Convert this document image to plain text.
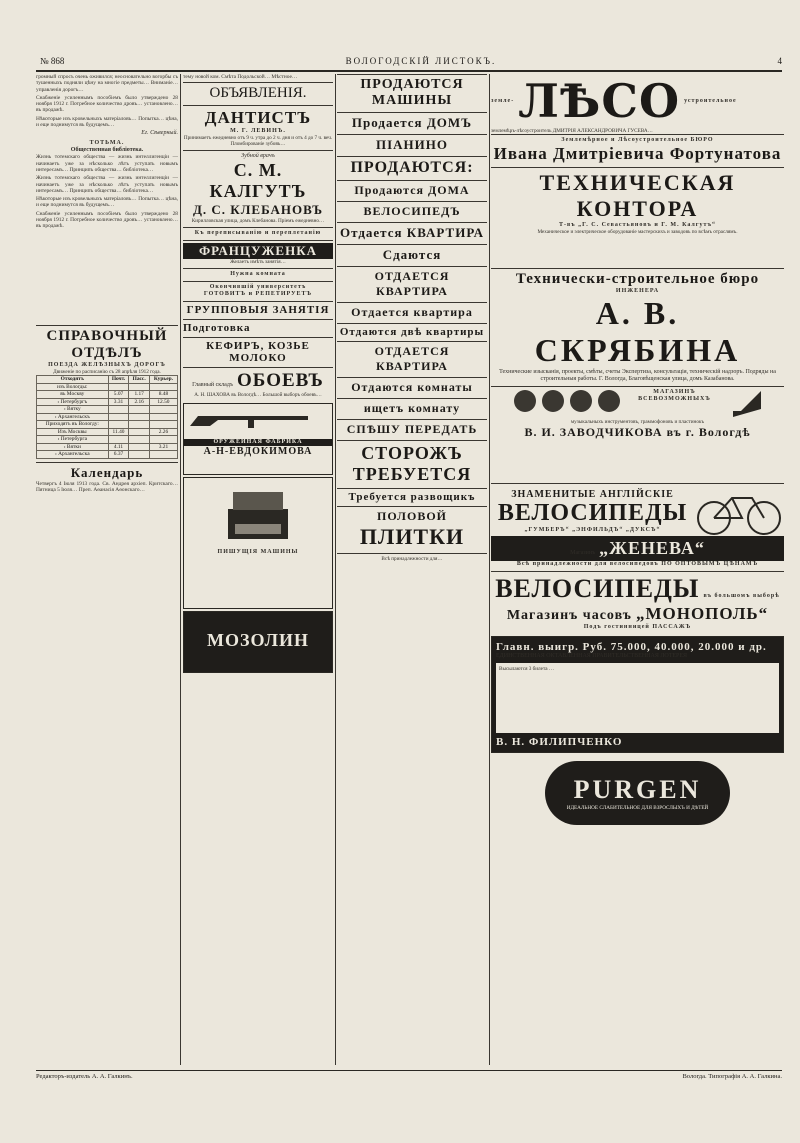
№ 868	ВОЛОГОДСКІЙ ЛИСТОКЪ.	4

громный спросъ очень оживился; неосновательно вогорбы съ тушенныхъ подняли цѣну на многіе предметы… Вниманіе… управленія дорогъ…

Снабженіе усиленнымъ пособіемъ было утверждено 28 ноября 1912 г. Потребное количество дровъ… установлено… въ продажѣ.

Нѣкоторые изъ кровельныхъ матеріаловъ… Попытка… цѣна, и еще поднимутся въ будущемъ…

Ег. Сѣверный.
ТОТЬМА.
Общественная библіотека.

Жизнь тотемскаго общества — жизнь интеллигенціи — начинаетъ уже за нѣсколько лѣтъ уступать новымъ интересамъ… Принципъ общества… библіотека…

Жизнь тотемскаго общества — жизнь интеллигенціи — начинаетъ уже за нѣсколько лѣтъ уступать новымъ интересамъ… Принципъ общества… библіотека…

Нѣкоторые изъ кровельныхъ матеріаловъ… Попытка… цѣна, и еще поднимутся въ будущемъ…

Снабженіе усиленнымъ пособіемъ было утверждено 28 ноября 1912 г. Потребное количество дровъ… установлено… въ продажѣ.

СПРАВОЧНЫЙ ОТДѢЛЪ
ПОЕЗДА ЖЕЛѢЗНЫХЪ ДОРОГЪ
Движеніе по расписанію съ 28 апрѣля 1912 года.
Отходятъ	Почт.	Пасс.	Курьер.
изъ Вологды:			
въ Москву	5.07	1.17	8.48
› Петербургъ	3.31	2.16	12.50
› Вятку			
› Архангельскъ			
Приходятъ въ Вологду:			
Изъ Москвы	11.40		2.26
› Петербурга			
› Вятки	4.11		3.21
› Архангельска	6.37		
Календарь

Четвергъ 4 Іюля 1913 года. Св. Андрея архіеп. Критскаго… Пятница 5 Іюля… Преп. Аѳанасія Аѳонскаго…

тему новой ком. Смѣта Подольской… Мѣстное…

ОБЪЯВЛЕНІЯ.
ДАНТИСТЪ
М. Г. ЛЕВИНЪ.
Принимаетъ ежедневно отъ 9 ч. утра до 2 ч. дня и отъ 4 до 7 ч. веч. Пломбированіе зубовъ…
Зубной врачъ
С. М. КАЛГУТЪ
Д. С. КЛЕБАНОВЪ
Кирилловская улица, домъ Клебанова. Пріемъ ежедневно…
Къ переписыванію и переплетанію
ФРАНЦУЖЕНКА
Желаетъ имѣть занятія…
Нужна комната
Окончившій университетъ
ГОТОВИТЪ и РЕПЕТИРУЕТЪ
ГРУППОВЫЯ ЗАНЯТІЯ
Подготовка
КЕФИРЪ, КОЗЬЕ МОЛОКО
Главный складъ ОБОЕВЪ
А. Н. ШАХОВА въ Вологдѣ… Большой выборъ обоевъ…
ОРУЖЕЙНАЯ ФАБРИКА
А-Н-ЕВДОКИМОВА
ПИШУЩІЯ МАШИНЫ
МОЗОЛИН
ПРОДАЮТСЯ
МАШИНЫ
Продается ДОМЪ
ПІАНИНО
ПРОДАЮТСЯ:
Продаются ДОМА
ВЕЛОСИПЕДЪ
Отдается КВАРТИРА
Сдаются
ОТДАЕТСЯ КВАРТИРА
Отдается квартира
Отдаются двѣ квартиры
ОТДАЕТСЯ КВАРТИРА
Отдаются комнаты
ищетъ комнату
СПѢШУ ПЕРЕДАТЬ
СТОРОЖЪ
ТРЕБУЕТСЯ
Требуется развощикъ
ПОЛОВОЙ
ПЛИТКИ
Всѣ принадлежности для…
земле- ЛѢСО устроительное
землемѣръ-лѣсоустроитель ДМИТРІЯ АЛЕКСАНДРОВИЧА ГУСЕВА…
Землемѣрное и Лѣсоустроительное БЮРО
Ивана Дмитріевича Фортунатова
ТЕХНИЧЕСКАЯ КОНТОРА
Т-въ „Г. С. Севастьяновъ и Г. М. Калгутъ“
Механическое и электрическое оборудованіе мастерскихъ и заводовъ по всѣмъ отраслямъ.
Технически-строительное бюро
ИНЖЕНЕРА
А. В. СКРЯБИНА
Технические изысканія, проекты, смѣты, счеты Экспертиза, консультація, техническій надзоръ. Подряды на строительныя работы. Г. Вологда, Благовѣщенская улица, домъ Казабанова.
МАГАЗИНЪ ВСЕВОЗМОЖНЫХЪ
музыкальныхъ инструментовъ, граммофоновъ и пластинокъ
В. И. ЗАВОДЧИКОВА въ г. Вологдѣ
ЗНАМЕНИТЫЕ АНГЛІЙСКІЕ
ВЕЛОСИПЕДЫ
„ГУМБЕРЪ“ „ЭНФИЛЬДЪ“ „ДУКСЪ“
Магазинъ „ЖЕНЕВА“
Всѣ принадлежности для велосипедовъ ПО ОПТОВЫМЪ ЦѢНАМЪ
ВЕЛОСИПЕДЫ въ большомъ выборѣ
Магазинъ часовъ „МОНОПОЛЬ“
Подъ гостинницей ПАССАЖЪ
Главн. выигр. Руб. 75.000, 40.000, 20.000 и др.
ЕДИНСТВЕННАЯ ОКТАВЛЕННАЯ ПРАВИТЕЛЬСТВЕННАЯ ЛОТЕРЕЯ
Высылаются 3 билета …
В. Н. ФИЛИПЧЕНКО
PURGEN
ИДЕАЛЬНОЕ СЛАБИТЕЛЬНОЕ ДЛЯ ВЗРОСЛЫХЪ И ДѢТЕЙ
Редакторъ-издатель А. А. Галкинъ.	Вологда. Типографія А. А. Галкина.
